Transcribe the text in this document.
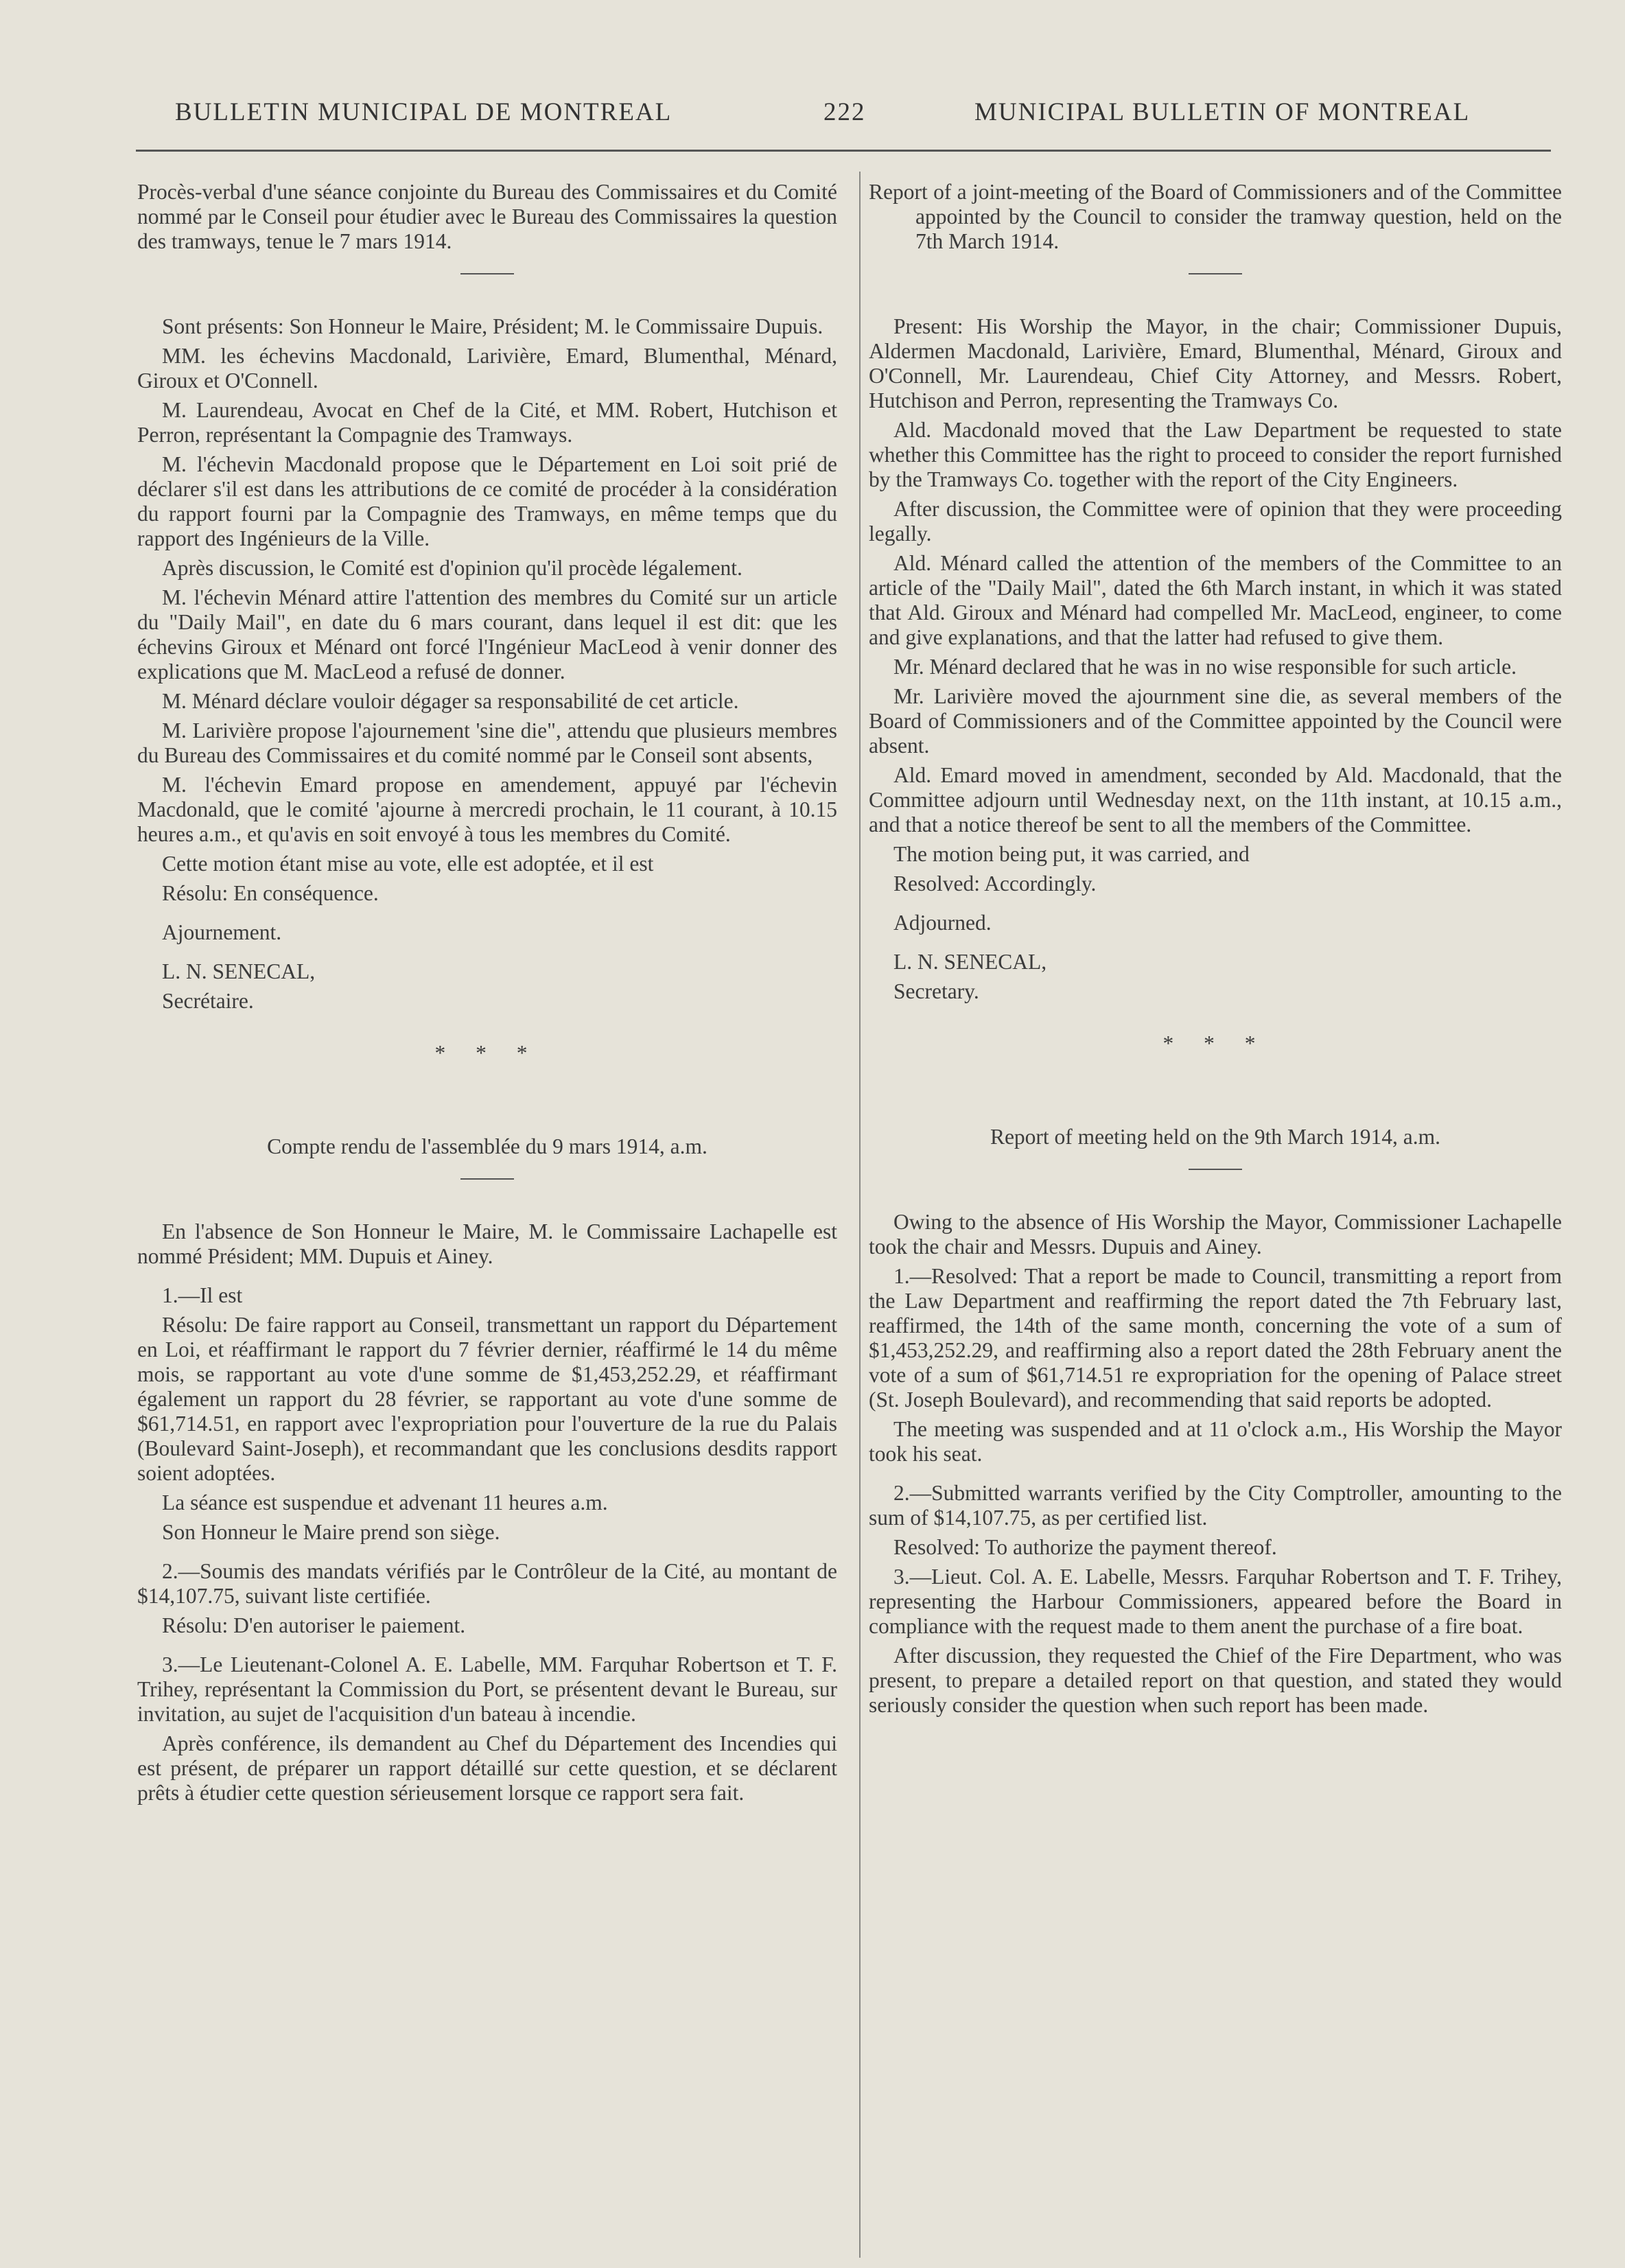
BULLETIN MUNICIPAL DE MONTREAL	222	MUNICIPAL BULLETIN OF MONTREAL

Procès-verbal d'une séance conjointe du Bureau des Commissaires et du Comité nommé par le Conseil pour étudier avec le Bureau des Commissaires la question des tramways, tenue le 7 mars 1914.

Sont présents: Son Honneur le Maire, Président; M. le Commissaire Dupuis.

MM. les échevins Macdonald, Larivière, Emard, Blumenthal, Ménard, Giroux et O'Connell.

M. Laurendeau, Avocat en Chef de la Cité, et MM. Robert, Hutchison et Perron, représentant la Compagnie des Tramways.

M. l'échevin Macdonald propose que le Département en Loi soit prié de déclarer s'il est dans les attributions de ce comité de procéder à la considération du rapport fourni par la Compagnie des Tramways, en même temps que du rapport des Ingénieurs de la Ville.

Après discussion, le Comité est d'opinion qu'il procède légalement.

M. l'échevin Ménard attire l'attention des membres du Comité sur un article du "Daily Mail", en date du 6 mars courant, dans lequel il est dit: que les échevins Giroux et Ménard ont forcé l'Ingénieur MacLeod à venir donner des explications que M. MacLeod a refusé de donner.

M. Ménard déclare vouloir dégager sa responsabilité de cet article.

M. Larivière propose l'ajournement 'sine die", attendu que plusieurs membres du Bureau des Commissaires et du comité nommé par le Conseil sont absents,

M. l'échevin Emard propose en amendement, appuyé par l'échevin Macdonald, que le comité 'ajourne à mercredi prochain, le 11 courant, à 10.15 heures a.m., et qu'avis en soit envoyé à tous les membres du Comité.

Cette motion étant mise au vote, elle est adoptée, et il est

Résolu: En conséquence.

Ajournement.

L. N. SENECAL,

Secrétaire.

* * *

Compte rendu de l'assemblée du 9 mars 1914, a.m.

En l'absence de Son Honneur le Maire, M. le Commissaire Lachapelle est nommé Président; MM. Dupuis et Ainey.

1.—Il est

Résolu: De faire rapport au Conseil, transmettant un rapport du Département en Loi, et réaffirmant le rapport du 7 février dernier, réaffirmé le 14 du même mois, se rapportant au vote d'une somme de $1,453,252.29, et réaffirmant également un rapport du 28 février, se rapportant au vote d'une somme de $61,714.51, en rapport avec l'expropriation pour l'ouverture de la rue du Palais (Boulevard Saint-Joseph), et recommandant que les conclusions desdits rapport soient adoptées.

La séance est suspendue et advenant 11 heures a.m.

Son Honneur le Maire prend son siège.

2.—Soumis des mandats vérifiés par le Contrôleur de la Cité, au montant de $14,107.75, suivant liste certifiée.

Résolu: D'en autoriser le paiement.

3.—Le Lieutenant-Colonel A. E. Labelle, MM. Farquhar Robertson et T. F. Trihey, représentant la Commission du Port, se présentent devant le Bureau, sur invitation, au sujet de l'acquisition d'un bateau à incendie.

Après conférence, ils demandent au Chef du Département des Incendies qui est présent, de préparer un rapport détaillé sur cette question, et se déclarent prêts à étudier cette question sérieusement lorsque ce rapport sera fait.

Report of a joint-meeting of the Board of Commissioners and of the Committee appointed by the Council to consider the tramway question, held on the 7th March 1914.

Present: His Worship the Mayor, in the chair; Commissioner Dupuis, Aldermen Macdonald, Larivière, Emard, Blumenthal, Ménard, Giroux and O'Connell, Mr. Laurendeau, Chief City Attorney, and Messrs. Robert, Hutchison and Perron, representing the Tramways Co.

Ald. Macdonald moved that the Law Department be requested to state whether this Committee has the right to proceed to consider the report furnished by the Tramways Co. together with the report of the City Engineers.

After discussion, the Committee were of opinion that they were proceeding legally.

Ald. Ménard called the attention of the members of the Committee to an article of the "Daily Mail", dated the 6th March instant, in which it was stated that Ald. Giroux and Ménard had compelled Mr. MacLeod, engineer, to come and give explanations, and that the latter had refused to give them.

Mr. Ménard declared that he was in no wise responsible for such article.

Mr. Larivière moved the ajournment sine die, as several members of the Board of Commissioners and of the Committee appointed by the Council were absent.

Ald. Emard moved in amendment, seconded by Ald. Macdonald, that the Committee adjourn until Wednesday next, on the 11th instant, at 10.15 a.m., and that a notice thereof be sent to all the members of the Committee.

The motion being put, it was carried, and

Resolved: Accordingly.

Adjourned.

L. N. SENECAL,

Secretary.

* * *

Report of meeting held on the 9th March 1914, a.m.

Owing to the absence of His Worship the Mayor, Commissioner Lachapelle took the chair and Messrs. Dupuis and Ainey.

1.—Resolved: That a report be made to Council, transmitting a report from the Law Department and reaffirming the report dated the 7th February last, reaffirmed, the 14th of the same month, concerning the vote of a sum of $1,453,252.29, and reaffirming also a report dated the 28th February anent the vote of a sum of $61,714.51 re expropriation for the opening of Palace street (St. Joseph Boulevard), and recommending that said reports be adopted.

The meeting was suspended and at 11 o'clock a.m., His Worship the Mayor took his seat.

2.—Submitted warrants verified by the City Comptroller, amounting to the sum of $14,107.75, as per certified list.

Resolved: To authorize the payment thereof.

3.—Lieut. Col. A. E. Labelle, Messrs. Farquhar Robertson and T. F. Trihey, representing the Harbour Commissioners, appeared before the Board in compliance with the request made to them anent the purchase of a fire boat.

After discussion, they requested the Chief of the Fire Department, who was present, to prepare a detailed report on that question, and stated they would seriously consider the question when such report has been made.
